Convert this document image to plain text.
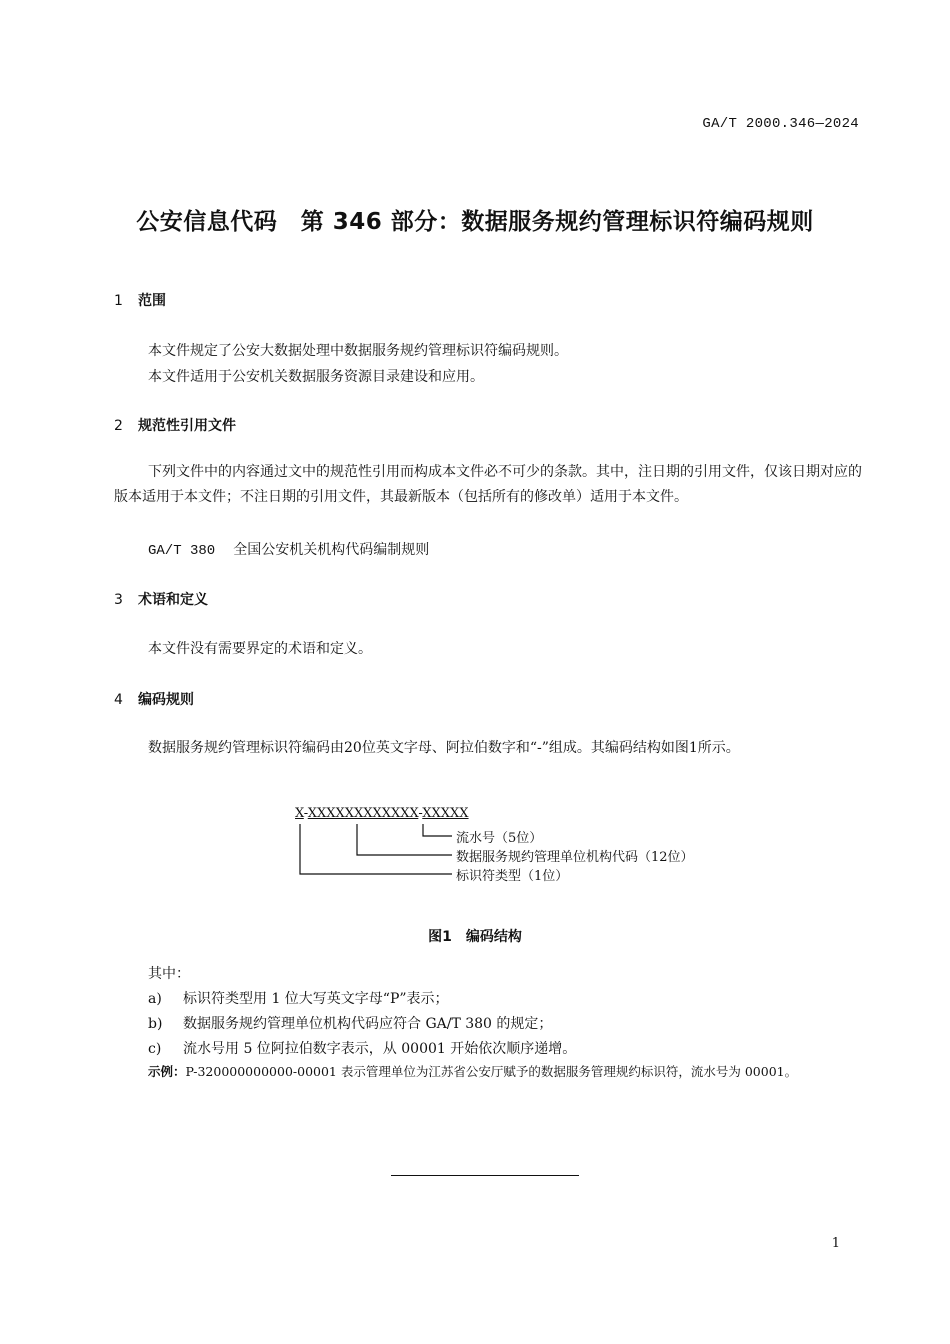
GA/T 2000.346—2024
公安信息代码　第 346 部分：数据服务规约管理标识符编码规则
1 范围
本文件规定了公安大数据处理中数据服务规约管理标识符编码规则。
本文件适用于公安机关数据服务资源目录建设和应用。
2 规范性引用文件
下列文件中的内容通过文中的规范性引用而构成本文件必不可少的条款。其中，注日期的引用文件，仅该日期对应的版本适用于本文件；不注日期的引用文件，其最新版本（包括所有的修改单）适用于本文件。
GA/T 380 全国公安机关机构代码编制规则
3 术语和定义
本文件没有需要界定的术语和定义。
4 编码规则
数据服务规约管理标识符编码由20位英文字母、阿拉伯数字和“-”组成。其编码结构如图1所示。
X-XXXXXXXXXXXX-XXXXX
流水号（5位）
数据服务规约管理单位机构代码（12位）
标识符类型（1位）
图1　编码结构
其中：
a) 标识符类型用 1 位大写英文字母“P”表示；
b) 数据服务规约管理单位机构代码应符合 GA/T 380 的规定；
c) 流水号用 5 位阿拉伯数字表示，从 00001 开始依次顺序递增。
示例：P-320000000000-00001 表示管理单位为江苏省公安厅赋予的数据服务管理规约标识符，流水号为 00001。
1
